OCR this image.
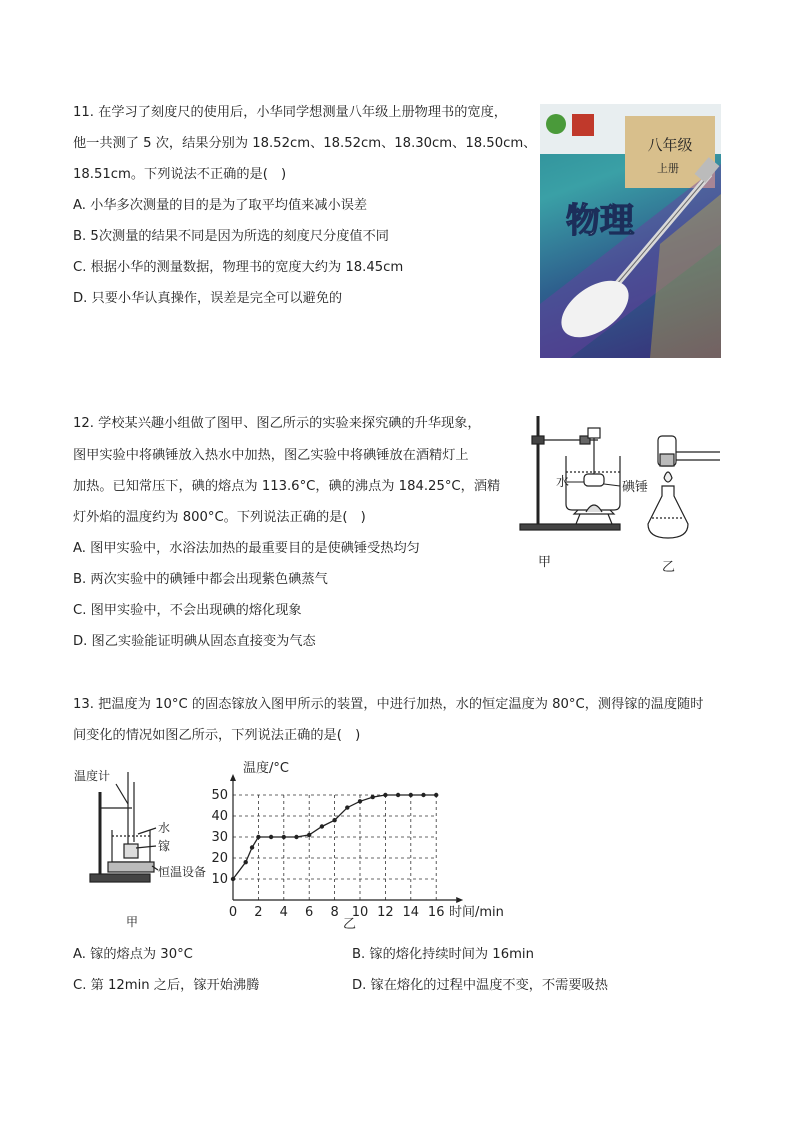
11. 在学习了刻度尺的使用后，小华同学想测量八年级上册物理书的宽度，
他一共测了 5 次，结果分别为 18.52cm、18.52cm、18.30cm、18.50cm、
18.51cm。下列说法不正确的是(　)
A. 小华多次测量的目的是为了取平均值来减小误差
B. 5次测量的结果不同是因为所选的刻度尺分度值不同
C. 根据小华的测量数据，物理书的宽度大约为 18.45cm
D. 只要小华认真操作，误差是完全可以避免的
八年级
上册
物理
12. 学校某兴趣小组做了图甲、图乙所示的实验来探究碘的升华现象，
图甲实验中将碘锤放入热水中加热，图乙实验中将碘锤放在酒精灯上
加热。已知常压下，碘的熔点为 113.6°C，碘的沸点为 184.25°C，酒精
灯外焰的温度约为 800°C。下列说法正确的是(　)
A. 图甲实验中，水浴法加热的最重要目的是使碘锤受热均匀
B. 两次实验中的碘锤中都会出现紫色碘蒸气
C. 图甲实验中，不会出现碘的熔化现象
D. 图乙实验能证明碘从固态直接变为气态
水	碘锤
甲	乙
13. 把温度为 10°C 的固态镓放入图甲所示的装置，中进行加热，水的恒定温度为 80°C，测得镓的温度随时
间变化的情况如图乙所示，下列说法正确的是(　)
温度计
水
镓
恒温设备
甲
温度/°C
时间/min
乙
0 2 4 6 8 10 12 14 16
10
20
30
40
50
A. 镓的熔点为 30°C	B. 镓的熔化持续时间为 16min
C. 第 12min 之后，镓开始沸腾	D. 镓在熔化的过程中温度不变，不需要吸热
